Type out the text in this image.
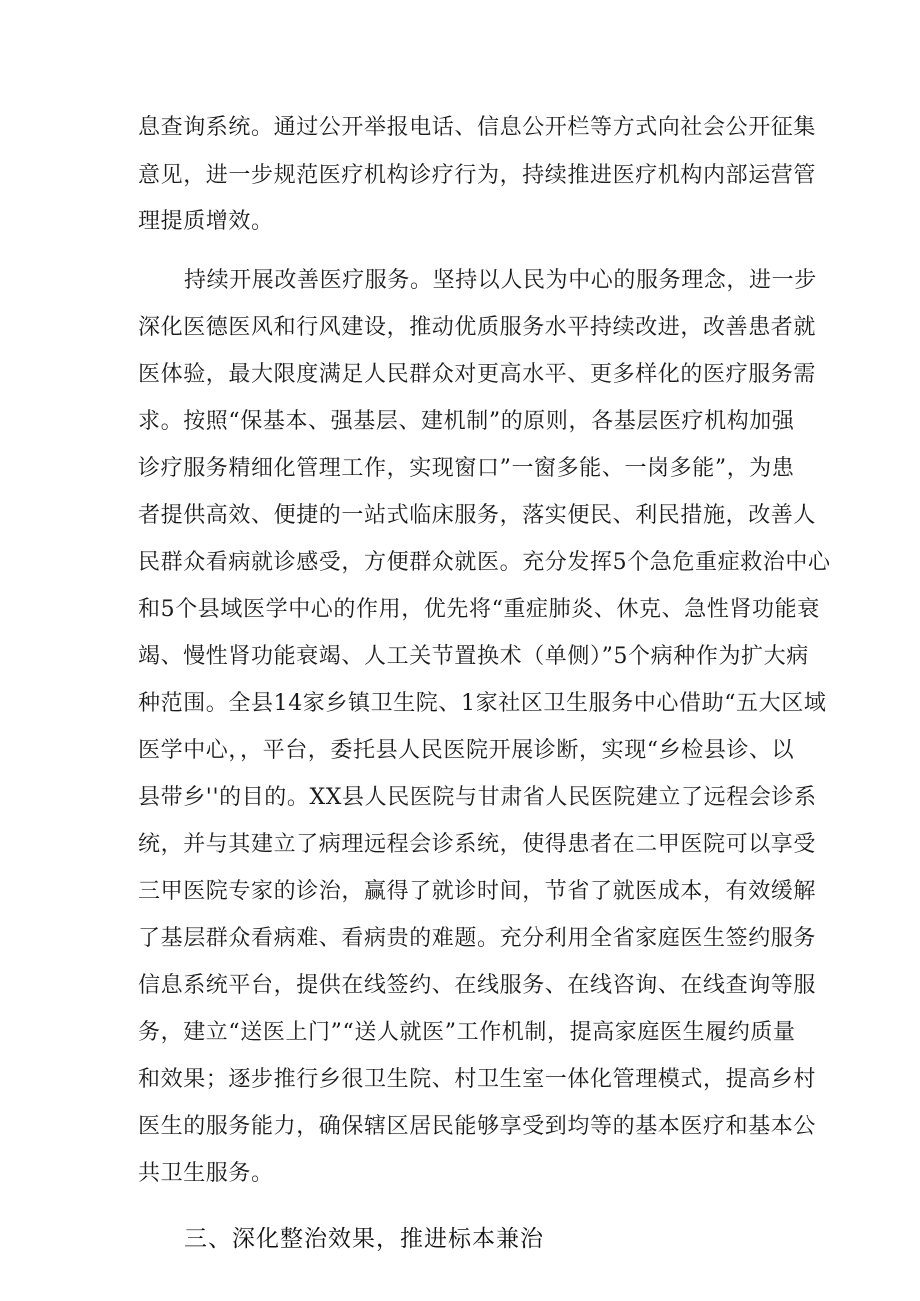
息查询系统。通过公开举报电话、信息公开栏等方式向社会公开征集
意见，进一步规范医疗机构诊疗行为，持续推进医疗机构内部运营管
理提质增效。
持续开展改善医疗服务。坚持以人民为中心的服务理念，进一步
深化医德医风和行风建设，推动优质服务水平持续改进，改善患者就
医体验，最大限度满足人民群众对更高水平、更多样化的医疗服务需
求。按照“保基本、强基层、建机制”的原则，各基层医疗机构加强
诊疗服务精细化管理工作，实现窗口”一窗多能、一岗多能”，为患
者提供高效、便捷的一站式临床服务，落实便民、利民措施，改善人
民群众看病就诊感受，方便群众就医。充分发挥5个急危重症救治中心
和5个县域医学中心的作用，优先将“重症肺炎、休克、急性肾功能衰
竭、慢性肾功能衰竭、人工关节置换术（单侧）”5个病种作为扩大病
种范围。全县14家乡镇卫生院、1家社区卫生服务中心借助“五大区域
医学中心，，平台，委托县人民医院开展诊断，实现“乡检县诊、以
县带乡''的目的。XX县人民医院与甘肃省人民医院建立了远程会诊系
统，并与其建立了病理远程会诊系统，使得患者在二甲医院可以享受
三甲医院专家的诊治，赢得了就诊时间，节省了就医成本，有效缓解
了基层群众看病难、看病贵的难题。充分利用全省家庭医生签约服务
信息系统平台，提供在线签约、在线服务、在线咨询、在线查询等服
务，建立“送医上门”“送人就医”工作机制，提高家庭医生履约质量
和效果；逐步推行乡很卫生院、村卫生室一体化管理模式，提高乡村
医生的服务能力，确保辖区居民能够享受到均等的基本医疗和基本公
共卫生服务。
三、深化整治效果，推进标本兼治
